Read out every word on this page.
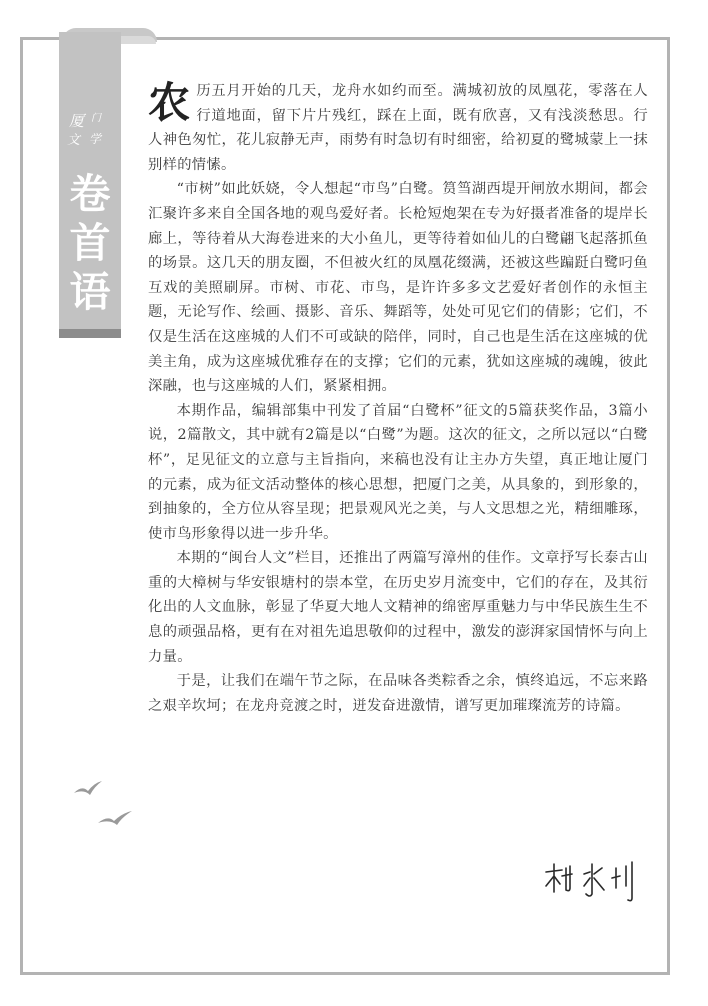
厦 门
文 学
卷
首
语

农历五月开始的几天，龙舟水如约而至。满城初放的凤凰花，零落在人行道地面，留下片片残红，踩在上面，既有欣喜，又有浅淡愁思。行人神色匆忙，花儿寂静无声，雨势有时急切有时细密，给初夏的鹭城蒙上一抹别样的情愫。

“市树”如此妖娆，令人想起“市鸟”白鹭。筼筜湖西堤开闸放水期间，都会汇聚许多来自全国各地的观鸟爱好者。长枪短炮架在专为好摄者准备的堤岸长廊上，等待着从大海卷进来的大小鱼儿，更等待着如仙儿的白鹭翩飞起落抓鱼的场景。这几天的朋友圈，不但被火红的凤凰花缀满，还被这些蹁跹白鹭叼鱼互戏的美照刷屏。市树、市花、市鸟，是许许多多文艺爱好者创作的永恒主题，无论写作、绘画、摄影、音乐、舞蹈等，处处可见它们的倩影；它们，不仅是生活在这座城的人们不可或缺的陪伴，同时，自己也是生活在这座城的优美主角，成为这座城优雅存在的支撑；它们的元素，犹如这座城的魂魄，彼此深融，也与这座城的人们，紧紧相拥。

本期作品，编辑部集中刊发了首届“白鹭杯”征文的5篇获奖作品，3篇小说，2篇散文，其中就有2篇是以“白鹭”为题。这次的征文，之所以冠以“白鹭杯”，足见征文的立意与主旨指向，来稿也没有让主办方失望，真正地让厦门的元素，成为征文活动整体的核心思想，把厦门之美，从具象的，到形象的，到抽象的，全方位从容呈现；把景观风光之美，与人文思想之光，精细雕琢，使市鸟形象得以进一步升华。

本期的“闽台人文”栏目，还推出了两篇写漳州的佳作。文章抒写长泰古山重的大樟树与华安银塘村的崇本堂，在历史岁月流变中，它们的存在，及其衍化出的人文血脉，彰显了华夏大地人文精神的绵密厚重魅力与中华民族生生不息的顽强品格，更有在对祖先追思敬仰的过程中，激发的澎湃家国情怀与向上力量。

于是，让我们在端午节之际，在品味各类粽香之余，慎终追远，不忘来路之艰辛坎坷；在龙舟竞渡之时，迸发奋进激情，谱写更加璀璨流芳的诗篇。
